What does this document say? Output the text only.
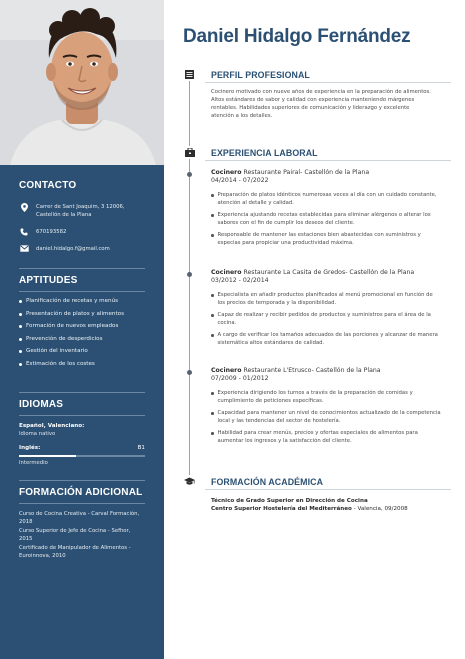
CONTACTO
Carrer de Sant Joaquim, 3 12006, Castellón de la Plana
670193582
daniel.hidalgo.f@gmail.com
APTITUDES
Planificación de recetas y menús
Presentación de platos y alimentos
Formación de nuevos empleados
Prevención de desperdicios
Gestión del inventario
Estimación de los costes
IDIOMAS
Español, Valenciano:
Idioma nativo
Inglés:	B1
Intermedio
FORMACIÓN ADICIONAL
Curso de Cocina Creativa - Carval Formación, 2018
Curso Superior de Jefe de Cocina - Sefhor, 2015
Certificado de Manipulador de Alimentos - Euroinnova, 2010
Daniel Hidalgo Fernández
PERFIL PROFESIONAL

Cocinero motivado con nueve años de experiencia en la preparación de alimentos. Altos estándares de sabor y calidad con experiencia manteniendo márgenes rentables. Habilidades superiores de comunicación y liderazgo y excelente atención a los detalles.

EXPERIENCIA LABORAL
Cocinero Restaurante Pairal- Castellón de la Plana
04/2014 - 07/2022
Preparación de platos idénticos numerosas veces al día con un cuidado constante, atención al detalle y calidad.
Experiencia ajustando recetas establecidas para eliminar alérgenos o alterar los sabores con el fin de cumplir los deseos del cliente.
Responsable de mantener las estaciones bien abastecidas con suministros y especias para propiciar una productividad máxima.
Cocinero Restaurante La Casita de Gredos- Castellón de la Plana
03/2012 - 02/2014
Especialista en añadir productos planificados al menú promocional en función de los precios de temporada y la disponibilidad.
Capaz de realizar y recibir pedidos de productos y suministros para el área de la cocina.
A cargo de verificar los tamaños adecuados de las porciones y alcanzar de manera sistemática altos estándares de calidad.
Cocinero Restaurante L'Etrusco- Castellón de la Plana
07/2009 - 01/2012
Experiencia dirigiendo los turnos a través de la preparación de comidas y cumplimiento de peticiones específicas.
Capacidad para mantener un nivel de conocimientos actualizado de la competencia local y las tendencias del sector de hostelería.
Habilidad para crear menús, precios y ofertas especiales de alimentos para aumentar los ingresos y la satisfacción del cliente.
FORMACIÓN ACADÉMICA
Técnico de Grado Superior en Dirección de Cocina
Centro Superior Hostelería del Mediterráneo - Valencia, 09/2008
